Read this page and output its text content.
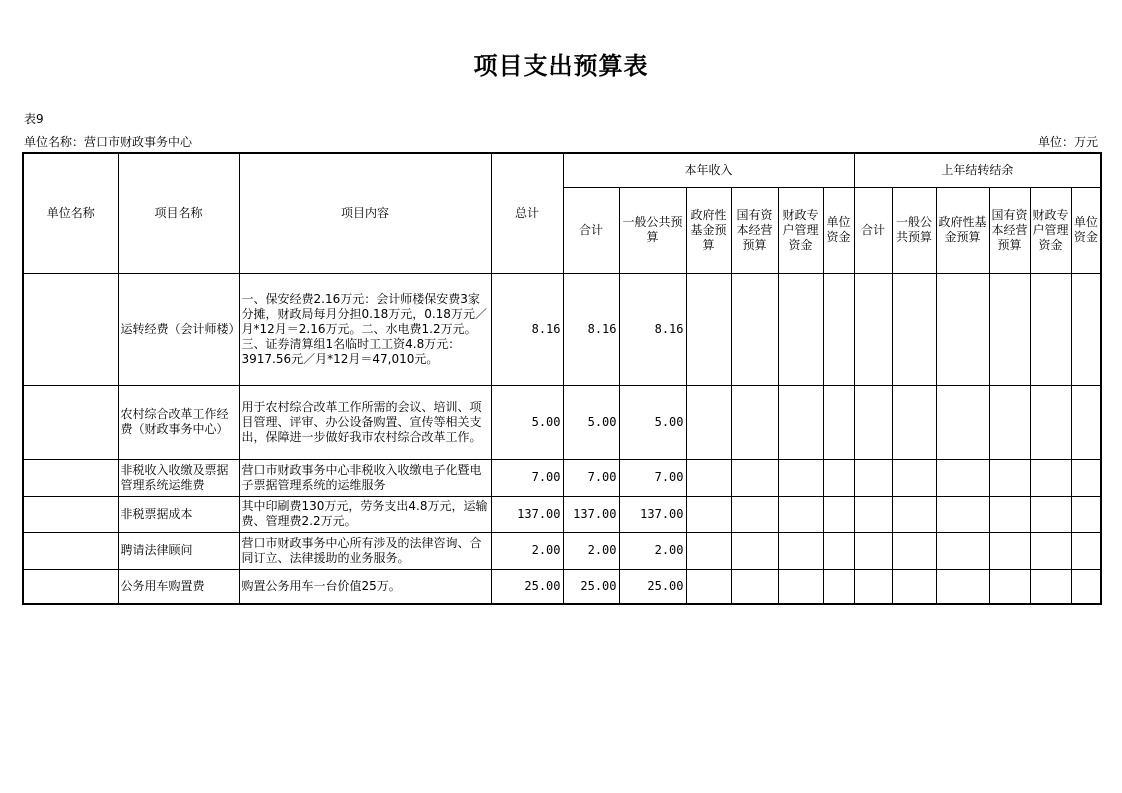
项目支出预算表
表9
单位名称：营口市财政事务中心	单位：万元
单位名称	项目名称	项目内容	总计	本年收入						上年结转结余					
				合计	一般公共预算	政府性基金预算	国有资本经营预算	财政专户管理资金	单位资金	合计	一般公共预算	政府性基金预算	国有资本经营预算	财政专户管理资金	单位资金
	运转经费（会计师楼）	一、保安经费2.16万元：会计师楼保安费3家分摊，财政局每月分担0.18万元，0.18万元／月*12月＝2.16万元。二、水电费1.2万元。三、证券清算组1名临时工工资4.8万元：3917.56元／月*12月＝47,010元。	8.16	8.16	8.16										
	农村综合改革工作经费（财政事务中心）	用于农村综合改革工作所需的会议、培训、项目管理、评审、办公设备购置、宣传等相关支出，保障进一步做好我市农村综合改革工作。	5.00	5.00	5.00										
	非税收入收缴及票据管理系统运维费	营口市财政事务中心非税收入收缴电子化暨电子票据管理系统的运维服务	7.00	7.00	7.00										
	非税票据成本	其中印刷费130万元，劳务支出4.8万元，运输费、管理费2.2万元。	137.00	137.00	137.00										
	聘请法律顾问	营口市财政事务中心所有涉及的法律咨询、合同订立、法律援助的业务服务。	2.00	2.00	2.00										
	公务用车购置费	购置公务用车一台价值25万。	25.00	25.00	25.00										
